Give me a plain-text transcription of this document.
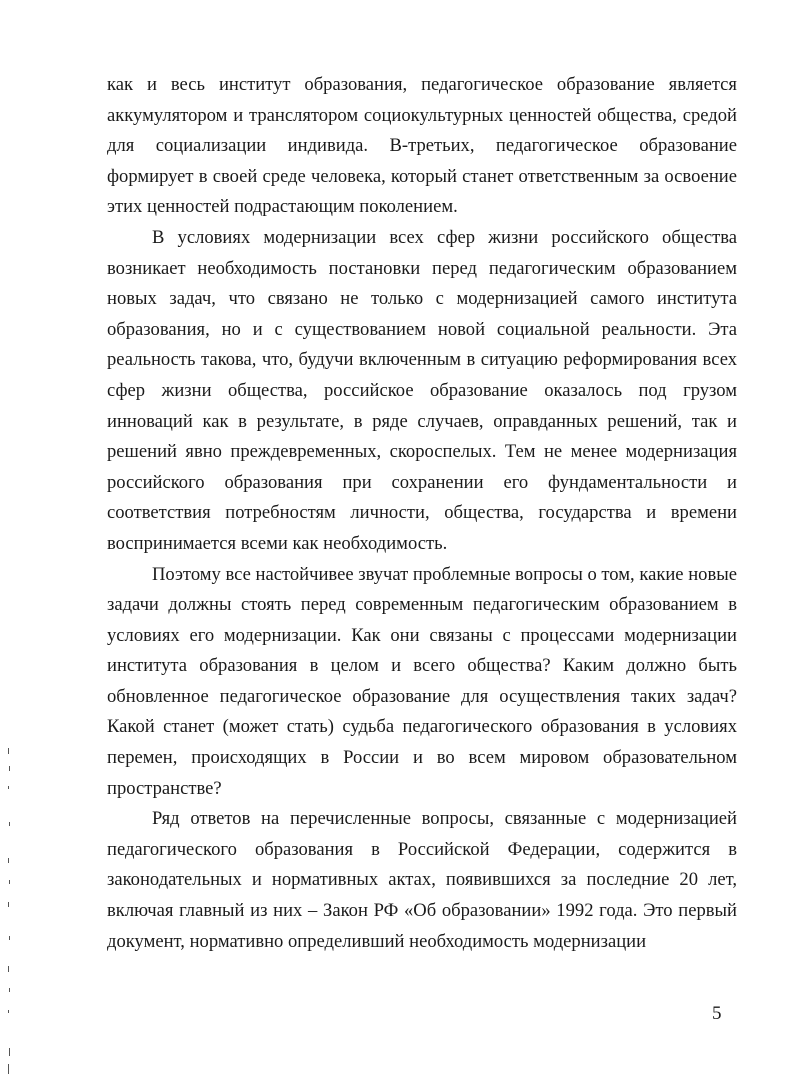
как и весь институт образования, педагогическое образование является аккумулятором и транслятором социокультурных ценностей общества, средой для социализации индивида. В-третьих, педагогическое образование формирует в своей среде человека, который станет ответственным за освоение этих ценностей подрастающим поколением.

В условиях модернизации всех сфер жизни российского общества возникает необходимость постановки перед педагогическим образованием новых задач, что связано не только с модернизацией самого института образования, но и с существованием новой социальной реальности. Эта реальность такова, что, будучи включенным в ситуацию реформирования всех сфер жизни общества, российское образование оказалось под грузом инноваций как в результате, в ряде случаев, оправданных решений, так и решений явно преждевременных, скороспелых. Тем не менее модернизация российского образования при сохранении его фундаментальности и соответствия потребностям личности, общества, государства и времени воспринимается всеми как необходимость.

Поэтому все настойчивее звучат проблемные вопросы о том, какие новые задачи должны стоять перед современным педагогическим образованием в условиях его модернизации. Как они связаны с процессами модернизации института образования в целом и всего общества? Каким должно быть обновленное педагогическое образование для осуществления таких задач? Какой станет (может стать) судьба педагогического образования в условиях перемен, происходящих в России и во всем мировом образовательном пространстве?

Ряд ответов на перечисленные вопросы, связанные с модернизацией педагогического образования в Российской Федерации, содержится в законодательных и нормативных актах, появившихся за последние 20 лет, включая главный из них – Закон РФ «Об образовании» 1992 года. Это первый документ, нормативно определивший необходимость модернизации

5
